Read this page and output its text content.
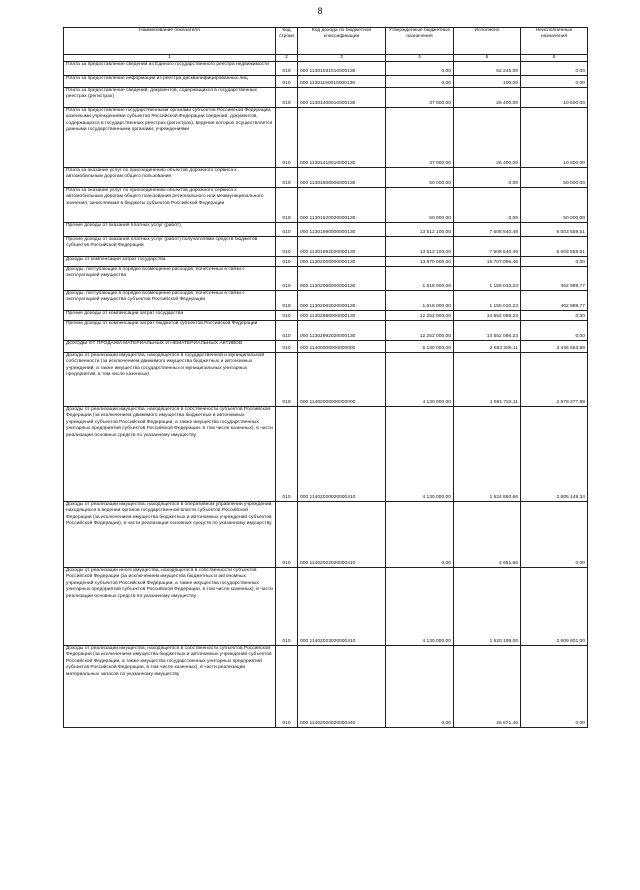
8
Наименование показателя	Код строки	Код дохода по бюджетной классификации	Утвержденные бюджетные назначения	Исполнено	Неисполненные назначения
1	2	3	4	5	6
Плата за предоставление сведений из Единого государственного реестра недвижимости	010	000 11301031010000130	0,00	52 245,00	0,00
Плата за предоставление информации из реестра дисквалифицированных лиц	010	000 11301190010000130	0,00	100,00	0,00
Плата за предоставление сведений, документов, содержащихся в государственных реестрах (регистрах)	010	000 11301400010000130	37 000,00	26 400,00	10 600,00
Плата за предоставление государственными органами субъектов Российской Федерации, казенными учреждениями субъектов Российской Федерации сведений, документов, содержащихся в государственных реестрах (регистрах), ведение которых осуществляется данными государственными органами, учреждениями	010	000 11301410010000130	37 000,00	26 400,00	10 600,00
Плата за оказание услуг по присоединению объектов дорожного сервиса к автомобильным дорогам общего пользования	010	000 11301500000000130	50 000,00	0,00	50 000,00
Плата за оказание услуг по присоединению объектов дорожного сервиса к автомобильным дорогам общего пользования регионального или межмуниципального значения, зачисляемая в бюджеты субъектов Российской Федерации	010	000 11301520020000130	50 000,00	0,00	50 000,00
Прочие доходы от оказания платных услуг (работ)	010	000 11301990000000130	13 512 100,00	7 508 540,49	6 003 559,51
Прочие доходы от оказания платных услуг (работ) получателями средств бюджетов субъектов Российской Федерации	010	000 11301992020000130	13 512 100,00	7 508 540,49	6 003 559,51
Доходы от компенсации затрат государства	010	000 11302000000000130	13 870 000,00	15 707 096,46	0,00
Доходы, поступающие в порядке возмещения расходов, понесенных в связи с эксплуатацией имущества	010	000 11302060000000130	1 618 000,00	1 155 010,23	462 989,77
Доходы, поступающие в порядке возмещения расходов, понесенных в связи с эксплуатацией имущества субъектов Российской Федерации	010	000 11302062020000130	1 618 000,00	1 155 010,23	462 989,77
Прочие доходы от компенсации затрат государства	010	000 11302990000000130	12 252 000,00	14 552 086,23	0,00
Прочие доходы от компенсации затрат бюджетов субъектов Российской Федерации	010	000 11302992020000130	12 252 000,00	14 552 086,23	0,00
ДОХОДЫ ОТ ПРОДАЖИ МАТЕРИАЛЬНЫХ И НЕМАТЕРИАЛЬНЫХ АКТИВОВ	010	000 11400000000000000	6 130 000,00	2 683 336,11	3 446 663,89
Доходы от реализации имущества, находящегося в государственной и муниципальной собственности (за исключением движимого имущества бюджетных и автономных учреждений, а также имущества государственных и муниципальных унитарных предприятий, в том числе казенных)	010	000 11402000000000000	4 130 000,00	1 551 722,11	2 578 277,89
Доходы от реализации имущества, находящегося в собственности субъектов Российской Федерации (за исключением движимого имущества бюджетных и автономных учреждений субъектов Российской Федерации, а также имущества государственных унитарных предприятий субъектов Российской Федерации, в том числе казенных), в части реализации основных средств по указанному имуществу	010	000 11402020020000410	4 130 000,00	1 524 850,66	2 605 149,34
Доходы от реализации имущества, находящегося в оперативном управлении учреждений, находящихся в ведении органов государственной власти субъектов Российской Федерации (за исключением имущества бюджетных и автономных учреждений субъектов Российской Федерации), в части реализации основных средств по указанному имуществу	010	000 11402022020000410	0,00	4 651,66	0,00
Доходы от реализации иного имущества, находящегося в собственности субъектов Российской Федерации (за исключением имущества бюджетных и автономных учреждений субъектов Российской Федерации, а также имущества государственных унитарных предприятий субъектов Российской Федерации, в том числе казенных), в части реализации основных средств по указанному имуществу	010	000 11402023020000410	4 130 000,00	1 520 199,00	2 609 801,00
Доходы от реализации имущества, находящегося в собственности субъектов Российской Федерации (за исключением имущества бюджетных и автономных учреждений субъектов Российской Федерации, а также имущества государственных унитарных предприятий субъектов Российской Федерации, в том числе казенных), в части реализации материальных запасов по указанному имуществу	010	000 11402020020000440	0,00	26 871,45	0,00
